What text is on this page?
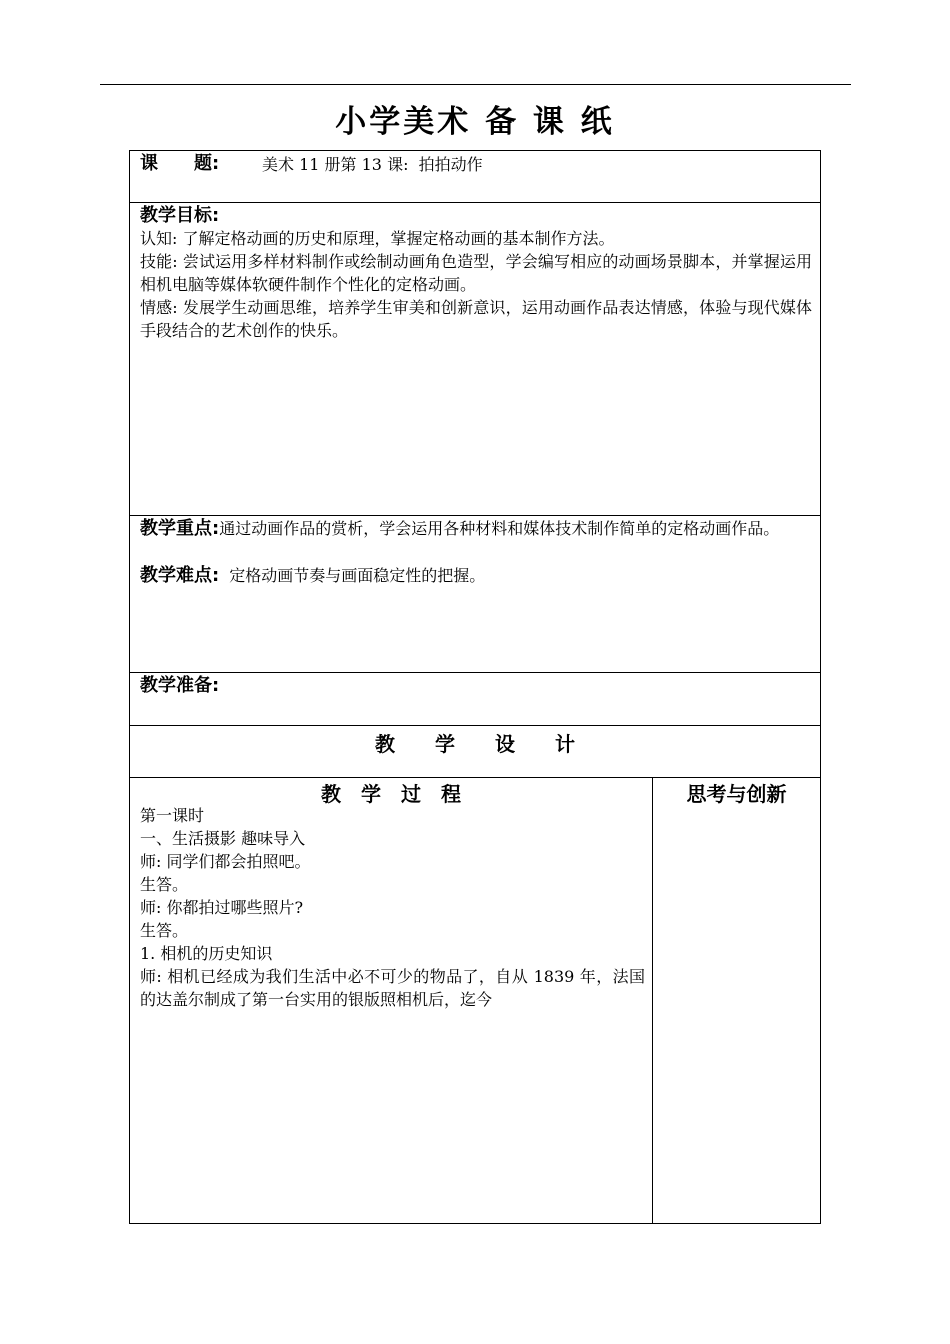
小学美术 备 课 纸
课　　题:	美术 11 册第 13 课:  拍拍动作
教学目标:
认知: 了解定格动画的历史和原理，掌握定格动画的基本制作方法。
技能: 尝试运用多样材料制作或绘制动画角色造型，学会编写相应的动画场景脚本，并掌握运用相机电脑等媒体软硬件制作个性化的定格动画。
情感: 发展学生动画思维，培养学生审美和创新意识，运用动画作品表达情感，体验与现代媒体手段结合的艺术创作的快乐。
教学重点:通过动画作品的赏析，学会运用各种材料和媒体技术制作简单的定格动画作品。
教学难点: 定格动画节奏与画面稳定性的把握。
教学准备:
教　　学　　设　　计
教　学　过　程
第一课时
一、生活摄影 趣味导入
师: 同学们都会拍照吧。
生答。
师: 你都拍过哪些照片?
生答。
1. 相机的历史知识
师: 相机已经成为我们生活中必不可少的物品了，自从 1839 年，法国的达盖尔制成了第一台实用的银版照相机后，迄今
思考与创新
